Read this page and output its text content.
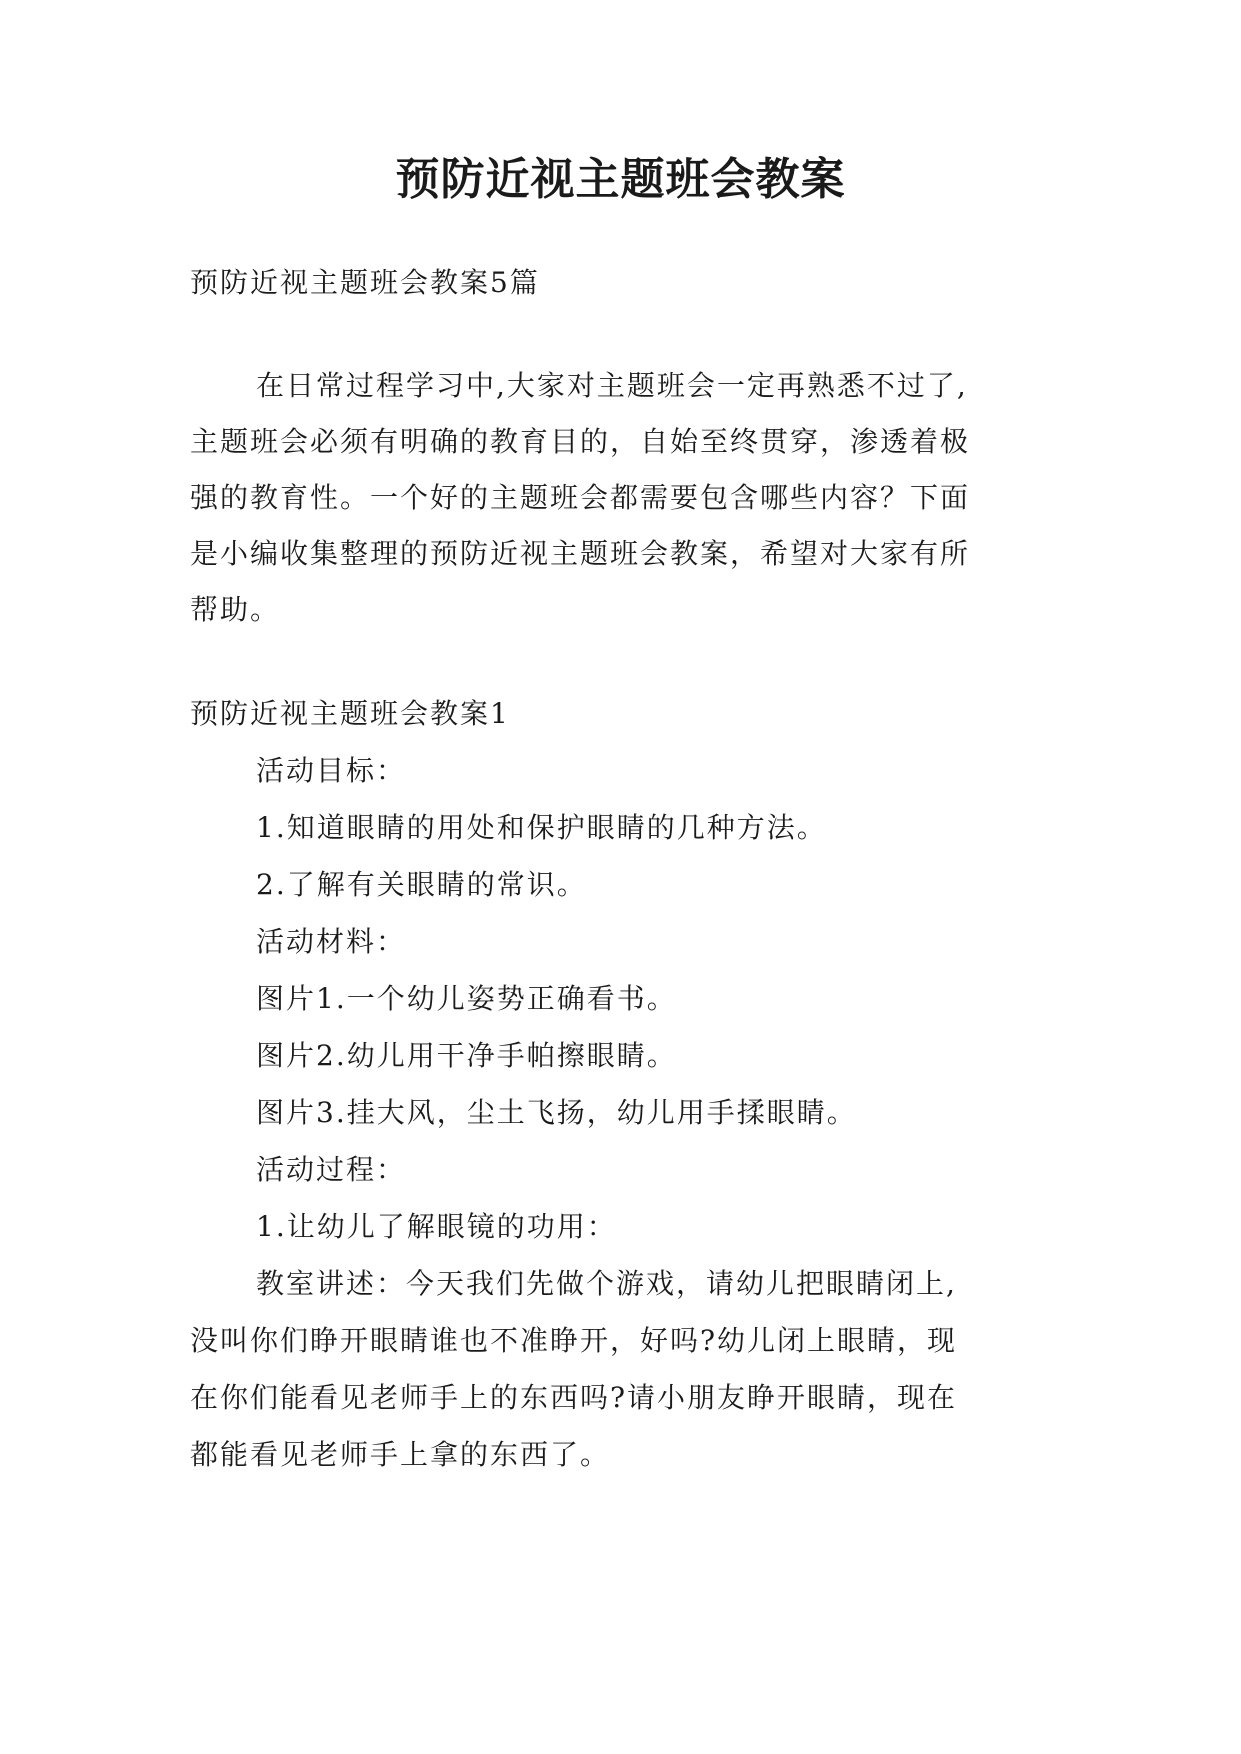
预防近视主题班会教案
预防近视主题班会教案5篇
在日常过程学习中,大家对主题班会一定再熟悉不过了,
主题班会必须有明确的教育目的，自始至终贯穿，渗透着极
强的教育性。一个好的主题班会都需要包含哪些内容？下面
是小编收集整理的预防近视主题班会教案，希望对大家有所
帮助。
预防近视主题班会教案1
活动目标：
1.知道眼睛的用处和保护眼睛的几种方法。
2.了解有关眼睛的常识。
活动材料：
图片1.一个幼儿姿势正确看书。
图片2.幼儿用干净手帕擦眼睛。
图片3.挂大风，尘土飞扬，幼儿用手揉眼睛。
活动过程：
1.让幼儿了解眼镜的功用：
教室讲述：今天我们先做个游戏，请幼儿把眼睛闭上,
没叫你们睁开眼睛谁也不准睁开，好吗?幼儿闭上眼睛，现
在你们能看见老师手上的东西吗?请小朋友睁开眼睛，现在
都能看见老师手上拿的东西了。
